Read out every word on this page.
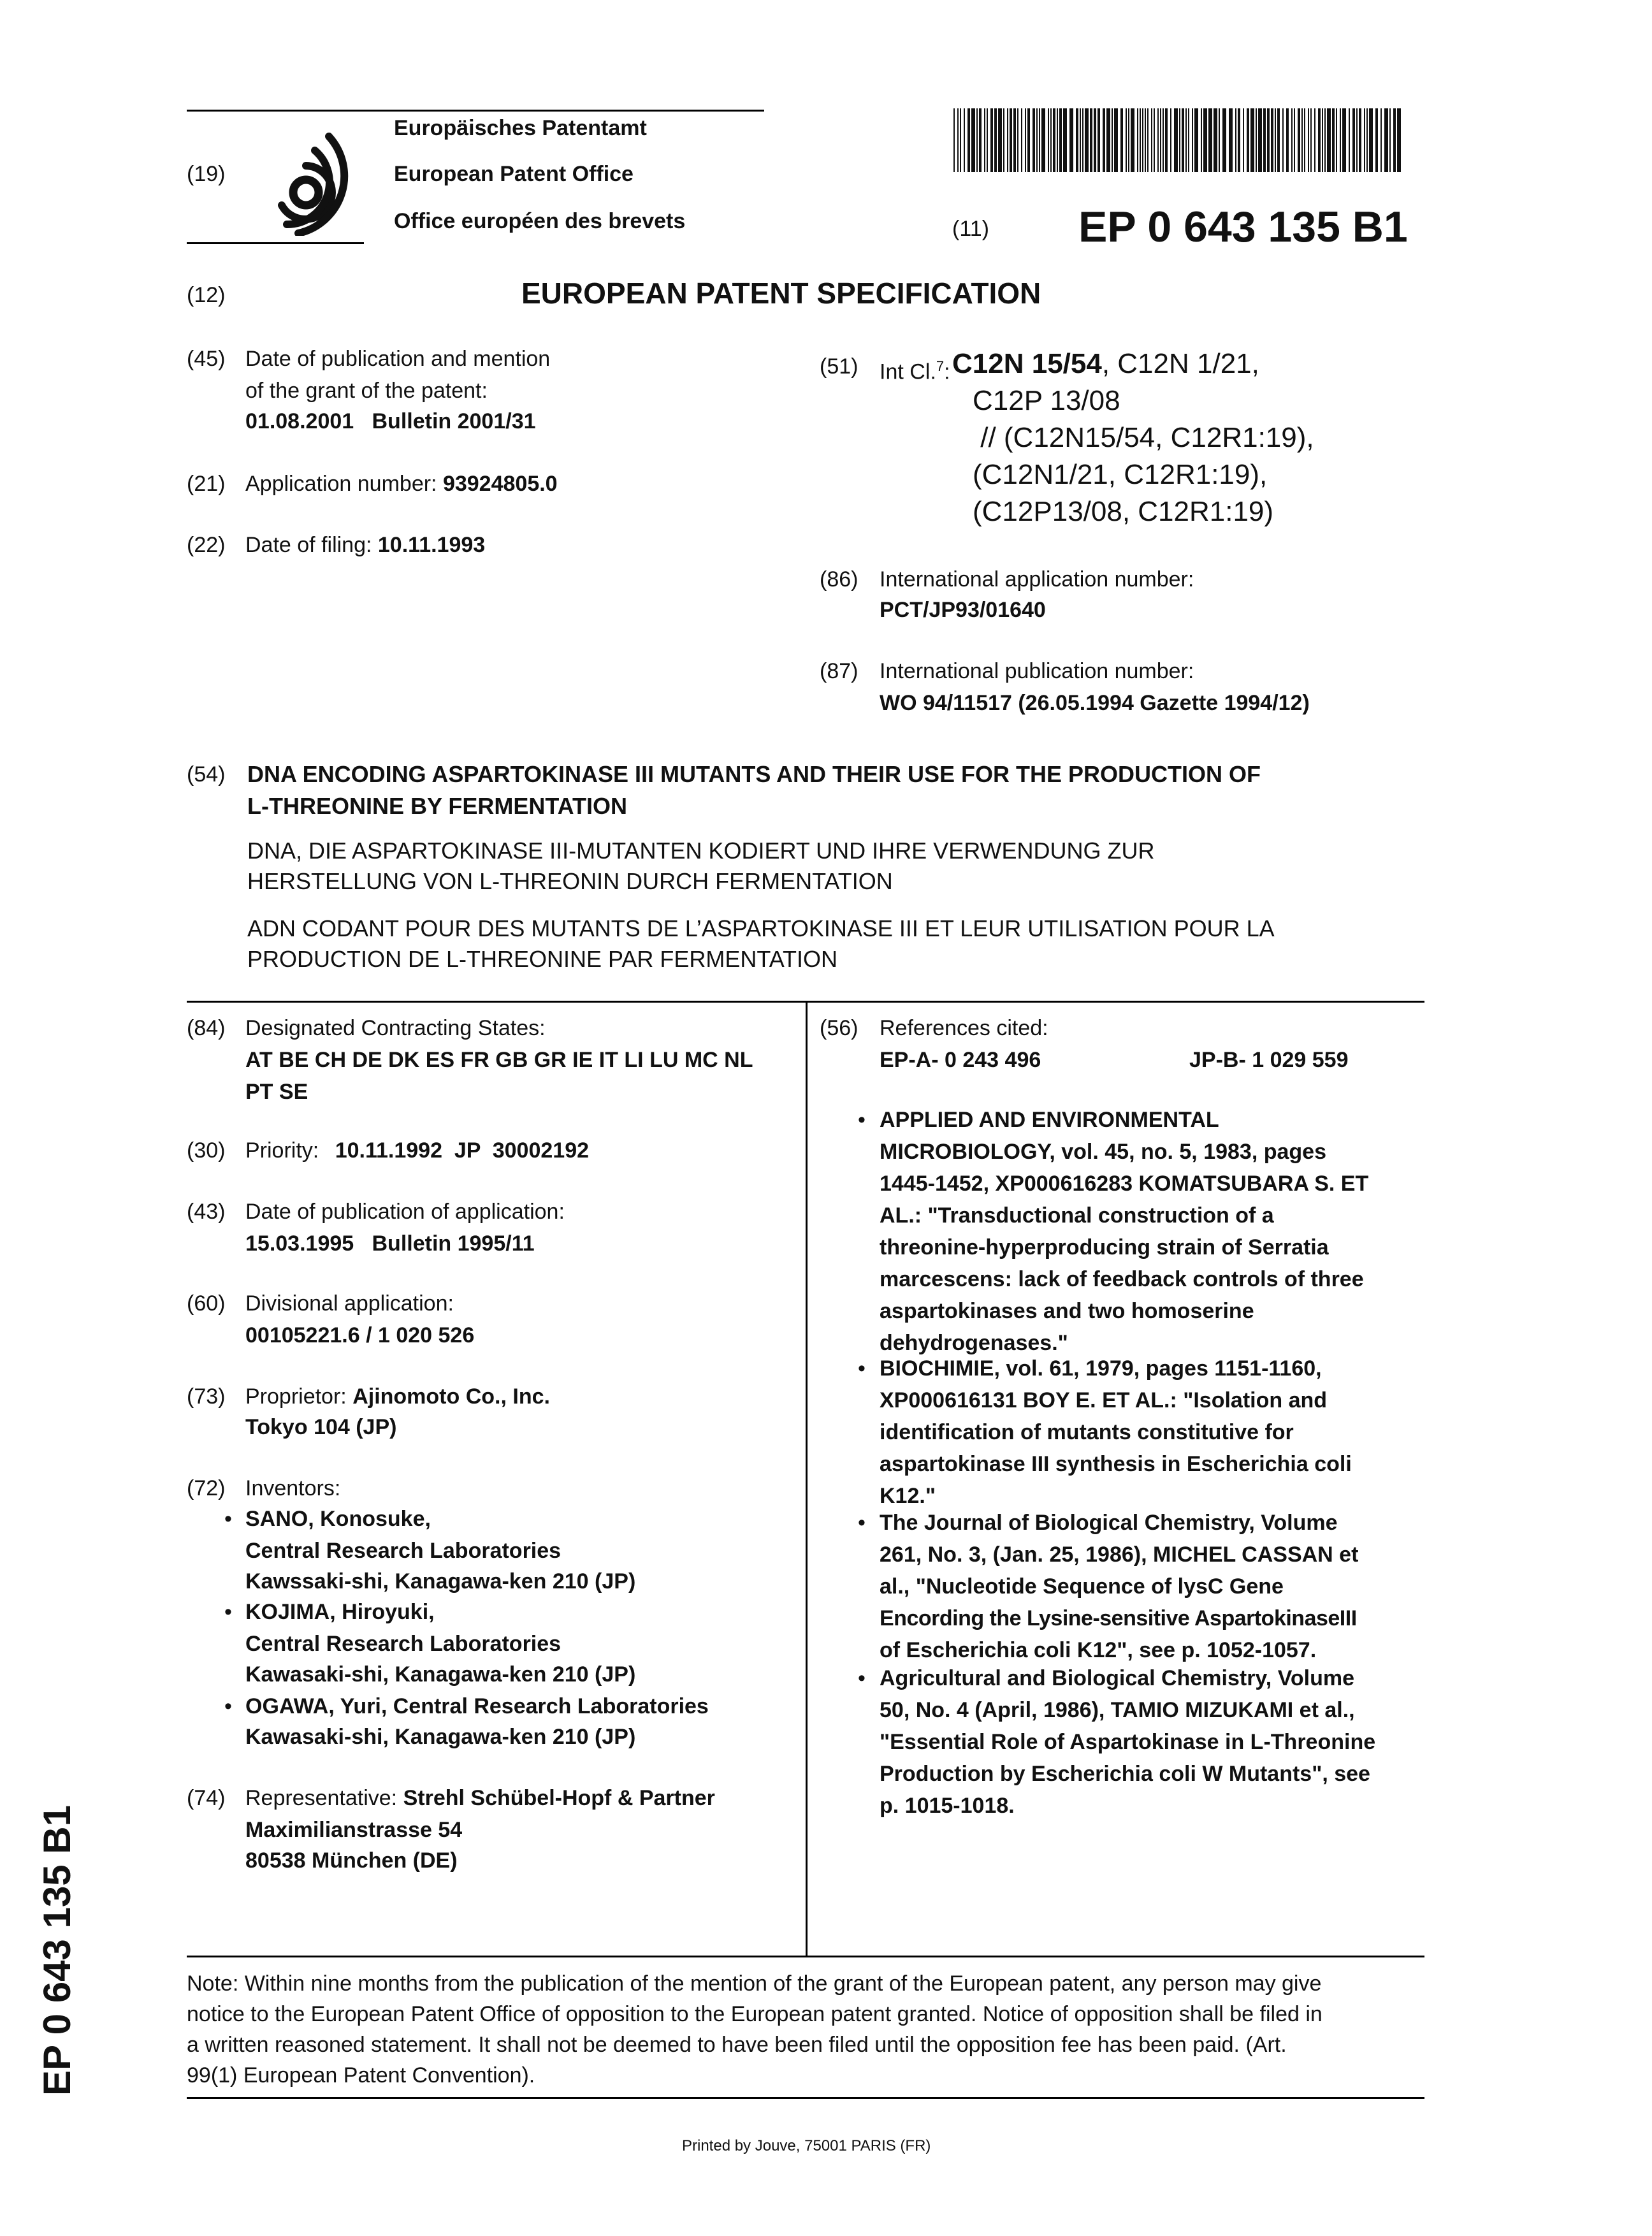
(19)
Europäisches Patentamt
European Patent Office
Office européen des brevets	(11) EP 0 643 135 B1
(12)	EUROPEAN PATENT SPECIFICATION
(45) Date of publication and mention
of the grant of the patent:
01.08.2001   Bulletin 2001/31
(21) Application number: 93924805.0
(22) Date of filing: 10.11.1993
(51) Int Cl.$^7$: C12N 15/54, C12N 1/21,
C12P 13/08
// (C12N15/54, C12R1:19),
(C12N1/21, C12R1:19),
(C12P13/08, C12R1:19)
(86) International application number:
PCT/JP93/01640
(87) International publication number:
WO 94/11517 (26.05.1994 Gazette 1994/12)
(54) DNA ENCODING ASPARTOKINASE III MUTANTS AND THEIR USE FOR THE PRODUCTION OF
L-THREONINE BY FERMENTATION
DNA, DIE ASPARTOKINASE III-MUTANTEN KODIERT UND IHRE VERWENDUNG ZUR
HERSTELLUNG VON L-THREONIN DURCH FERMENTATION
ADN CODANT POUR DES MUTANTS DE L’ASPARTOKINASE III ET LEUR UTILISATION POUR LA
PRODUCTION DE L-THREONINE PAR FERMENTATION
(84) Designated Contracting States:
AT BE CH DE DK ES FR GB GR IE IT LI LU MC NL
PT SE
(30) Priority: 10.11.1992  JP  30002192
(43) Date of publication of application:
15.03.1995   Bulletin 1995/11
(60) Divisional application:
00105221.6 / 1 020 526
(73) Proprietor: Ajinomoto Co., Inc.
Tokyo 104 (JP)
(72) Inventors:
• SANO, Konosuke,
Central Research Laboratories
Kawssaki-shi, Kanagawa-ken 210 (JP)
• KOJIMA, Hiroyuki,
Central Research Laboratories
Kawasaki-shi, Kanagawa-ken 210 (JP)
• OGAWA, Yuri, Central Research Laboratories
Kawasaki-shi, Kanagawa-ken 210 (JP)
(74) Representative: Strehl Schübel-Hopf & Partner
Maximilianstrasse 54
80538 München (DE)
(56) References cited:
EP-A- 0 243 496	JP-B- 1 029 559
• APPLIED AND ENVIRONMENTAL
MICROBIOLOGY, vol. 45, no. 5, 1983, pages
1445-1452, XP000616283 KOMATSUBARA S. ET
AL.: "Transductional construction of a
threonine-hyperproducing strain of Serratia
marcescens: lack of feedback controls of three
aspartokinases and two homoserine
dehydrogenases."
• BIOCHIMIE, vol. 61, 1979, pages 1151-1160,
XP000616131 BOY E. ET AL.: "Isolation and
identification of mutants constitutive for
aspartokinase III synthesis in Escherichia coli
K12."
• The Journal of Biological Chemistry, Volume
261, No. 3, (Jan. 25, 1986), MICHEL CASSAN et
al., "Nucleotide Sequence of lysC Gene
Encording the Lysine-sensitive AspartokinaseIII
of Escherichia coli K12", see p. 1052-1057.
• Agricultural and Biological Chemistry, Volume
50, No. 4 (April, 1986), TAMIO MIZUKAMI et al.,
"Essential Role of Aspartokinase in L-Threonine
Production by Escherichia coli W Mutants", see
p. 1015-1018.
Note: Within nine months from the publication of the mention of the grant of the European patent, any person may give
notice to the European Patent Office of opposition to the European patent granted. Notice of opposition shall be filed in
a written reasoned statement. It shall not be deemed to have been filed until the opposition fee has been paid. (Art.
99(1) European Patent Convention).
Printed by Jouve, 75001 PARIS (FR)
EP 0 643 135 B1
